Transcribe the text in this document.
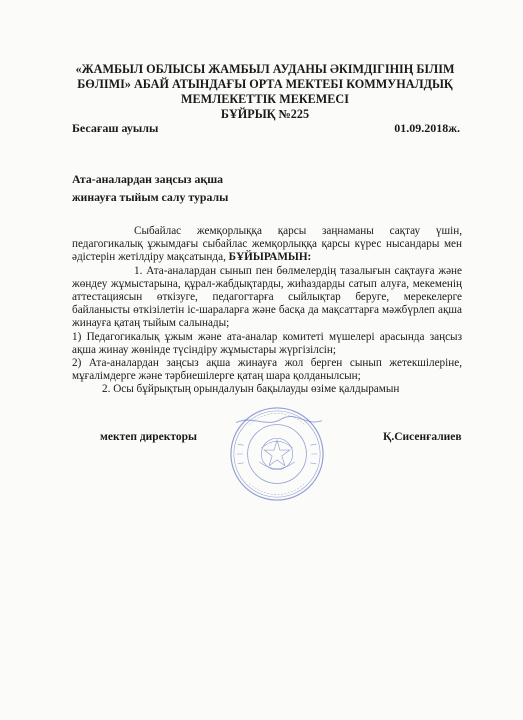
«ЖАМБЫЛ ОБЛЫСЫ ЖАМБЫЛ АУДАНЫ ӘКІМДІГІНІҢ БІЛІМ
БӨЛІМІ» АБАЙ АТЫНДАҒЫ ОРТА МЕКТЕБІ КОММУНАЛДЫҚ
МЕМЛЕКЕТТІК МЕКЕМЕСІ
БҰЙРЫҚ №225
Бесағаш ауылы	01.09.2018ж.
Ата-аналардан заңсыз ақша
жинауға тыйым салу туралы

Сыбайлас жемқорлыққа қарсы заңнаманы сақтау үшін, педагогикалық ұжымдағы сыбайлас жемқорлыққа қарсы күрес нысандары мен әдістерін жетілдіру мақсатында, БҰЙЫРАМЫН:

1. Ата-аналардан сынып пен бөлмелердің тазалығын сақтауға және жөндеу жұмыстарына, құрал-жабдықтарды, жиһаздарды сатып алуға, мекеменің аттестациясын өткізуге, педагогтарға сыйлықтар беруге, мерекелерге байланысты өткізілетін іс-шараларға және басқа да мақсаттарға мәжбүрлеп ақша жинауға қатаң тыйым салынады;

1) Педагогикалық ұжым және ата-аналар комитеті мүшелері арасында заңсыз ақша жинау жөнінде түсіндіру жұмыстары жүргізілсін;

2) Ата-аналардан заңсыз ақша жинауға жол берген сынып жетекшілеріне, мұғалімдерге және тәрбиешілерге қатаң шара қолданылсын;

2. Осы бұйрықтың орындалуын бақылауды өзіме қалдырамын

мектеп директоры	Қ.Сисенғалиев
